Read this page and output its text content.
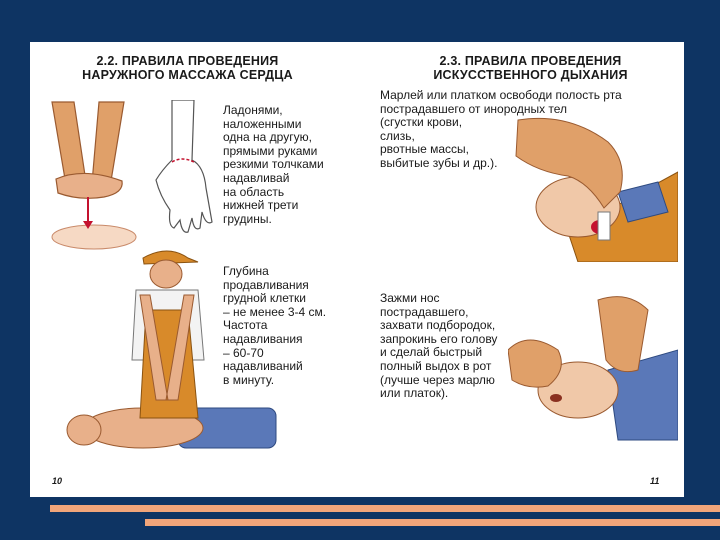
2.2. ПРАВИЛА ПРОВЕДЕНИЯ
НАРУЖНОГО МАССАЖА СЕРДЦА
2.3. ПРАВИЛА ПРОВЕДЕНИЯ
ИСКУССТВЕННОГО ДЫХАНИЯ
Ладонями,
наложенными
одна на другую,
прямыми руками
резкими толчками
надавливай
на область
нижней трети
грудины.
Глубина
продавливания
грудной клетки
– не менее 3-4 см.
Частота
надавливания
– 60-70
надавливаний
в минуту.
Марлей или платком освободи полость рта
пострадавшего от инородных тел
(сгустки крови,
слизь,
рвотные массы,
выбитые зубы и др.).
Зажми нос
пострадавшего,
захвати подбородок,
запрокинь его голову
и сделай быстрый
полный выдох в рот
(лучше через марлю
или платок).
10	11
